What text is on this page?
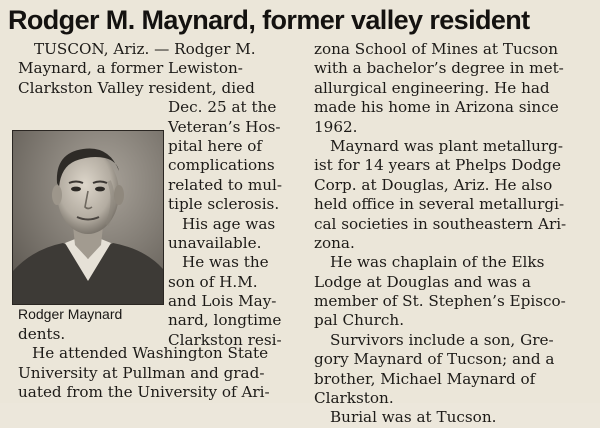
Rodger M. Maynard, former valley resident
TUSCON, Ariz. — Rodger M.
Maynard, a former Lewiston-
Clarkston Valley resident, died
Dec. 25 at the
Veteran’s Hos-
pital here of
complications
related to mul-
tiple sclerosis.
His age was
unavailable.
He was the
son of H.M.
and Lois May-
nard, longtime
Clarkston resi-
Rodger Maynard
dents.
He attended Washington State
University at Pullman and grad-
uated from the University of Ari-
zona School of Mines at Tucson
with a bachelor’s degree in met-
allurgical engineering. He had
made his home in Arizona since
1962.
Maynard was plant metallurg-
ist for 14 years at Phelps Dodge
Corp. at Douglas, Ariz. He also
held office in several metallurgi-
cal societies in southeastern Ari-
zona.
He was chaplain of the Elks
Lodge at Douglas and was a
member of St. Stephen’s Episco-
pal Church.
Survivors include a son, Gre-
gory Maynard of Tucson; and a
brother, Michael Maynard of
Clarkston.
Burial was at Tucson.
